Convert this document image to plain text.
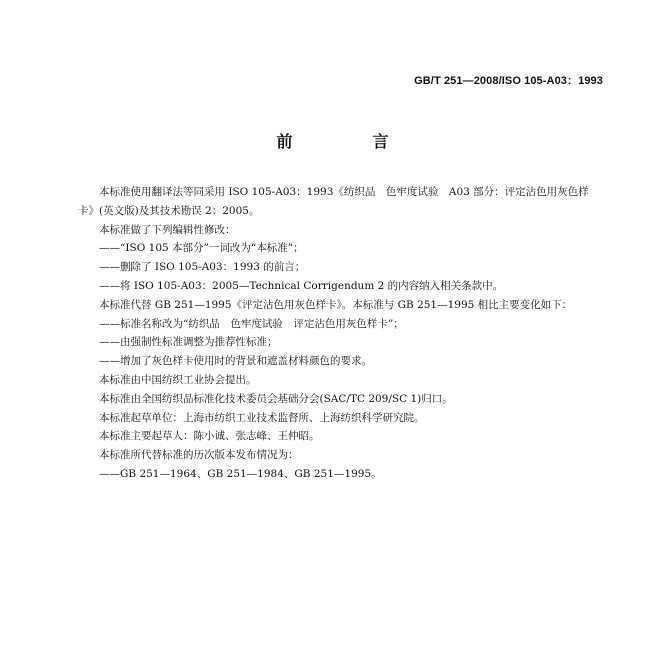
GB/T 251—2008/ISO 105-A03：1993
前　言

本标准使用翻译法等同采用 ISO 105-A03：1993《纺织品　色牢度试验　A03 部分：评定沾色用灰色样卡》(英文版)及其技术勘误 2：2005。

本标准做了下列编辑性修改：

——“ISO 105 本部分”一词改为“本标准”；

——删除了 ISO 105-A03：1993 的前言；

——将 ISO 105-A03：2005—Technical Corrigendum 2 的内容纳入相关条款中。

本标准代替 GB 251—1995《评定沾色用灰色样卡》。本标准与 GB 251—1995 相比主要变化如下：

——标准名称改为“纺织品　色牢度试验　评定沾色用灰色样卡”；

——由强制性标准调整为推荐性标准；

——增加了灰色样卡使用时的背景和遮盖材料颜色的要求。

本标准由中国纺织工业协会提出。

本标准由全国纺织品标准化技术委员会基础分会(SAC/TC 209/SC 1)归口。

本标准起草单位：上海市纺织工业技术监督所、上海纺织科学研究院。

本标准主要起草人：陈小诚、张志峰、王仲昭。

本标准所代替标准的历次版本发布情况为：

——GB 251—1964、GB 251—1984、GB 251—1995。
